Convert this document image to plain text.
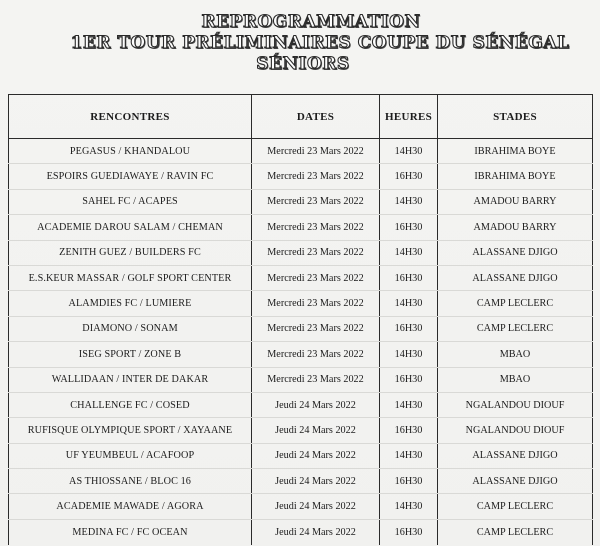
REPROGRAMMATION
1ER TOUR PRÉLIMINAIRES COUPE DU SÉNÉGAL
SÉNIORS
RENCONTRES	DATES	HEURES	STADES
PEGASUS / KHANDALOU	Mercredi 23 Mars 2022	14H30	IBRAHIMA BOYE
ESPOIRS GUEDIAWAYE / RAVIN FC	Mercredi 23 Mars 2022	16H30	IBRAHIMA BOYE
SAHEL FC / ACAPES	Mercredi 23 Mars 2022	14H30	AMADOU BARRY
ACADEMIE DAROU SALAM / CHEMAN	Mercredi 23 Mars 2022	16H30	AMADOU BARRY
ZENITH GUEZ / BUILDERS FC	Mercredi 23 Mars 2022	14H30	ALASSANE DJIGO
E.S.KEUR MASSAR / GOLF SPORT CENTER	Mercredi 23 Mars 2022	16H30	ALASSANE DJIGO
ALAMDIES FC / LUMIERE	Mercredi 23 Mars 2022	14H30	CAMP LECLERC
DIAMONO / SONAM	Mercredi 23 Mars 2022	16H30	CAMP LECLERC
ISEG SPORT / ZONE B	Mercredi 23 Mars 2022	14H30	MBAO
WALLIDAAN / INTER DE DAKAR	Mercredi 23 Mars 2022	16H30	MBAO
CHALLENGE FC / COSED	Jeudi 24 Mars 2022	14H30	NGALANDOU DIOUF
RUFISQUE OLYMPIQUE SPORT / XAYAANE	Jeudi 24 Mars 2022	16H30	NGALANDOU DIOUF
UF YEUMBEUL / ACAFOOP	Jeudi 24 Mars 2022	14H30	ALASSANE DJIGO
AS THIOSSANE / BLOC 16	Jeudi 24 Mars 2022	16H30	ALASSANE DJIGO
ACADEMIE MAWADE / AGORA	Jeudi 24 Mars 2022	14H30	CAMP LECLERC
MEDINA FC / FC OCEAN	Jeudi 24 Mars 2022	16H30	CAMP LECLERC
